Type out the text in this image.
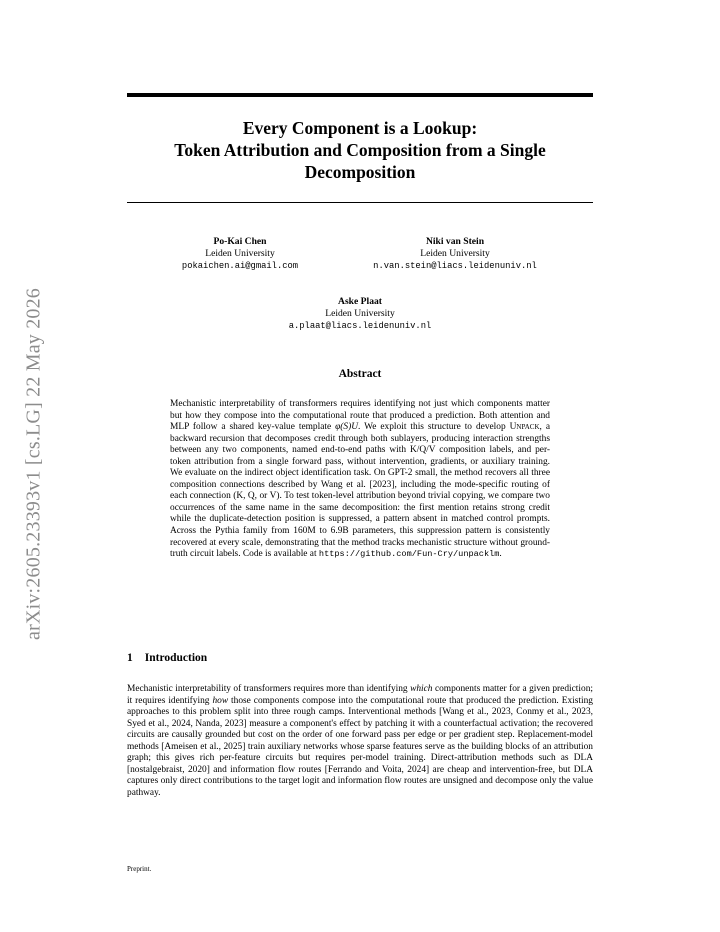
arXiv:2605.23393v1 [cs.LG] 22 May 2026
Every Component is a Lookup:
Token Attribution and Composition from a Single
Decomposition
Po-Kai Chen
Leiden University
pokaichen.ai@gmail.com
Niki van Stein
Leiden University
n.van.stein@liacs.leidenuniv.nl
Aske Plaat
Leiden University
a.plaat@liacs.leidenuniv.nl
Abstract
Mechanistic interpretability of transformers requires identifying not just which components matter but how they compose into the computational route that produced a prediction. Both attention and MLP follow a shared key-value template φ(S)U. We exploit this structure to develop Unpack, a backward recursion that decomposes credit through both sublayers, producing interaction strengths between any two components, named end-to-end paths with K/Q/V composition labels, and per-token attribution from a single forward pass, without intervention, gradients, or auxiliary training. We evaluate on the indirect object identification task. On GPT-2 small, the method recovers all three composition connections described by Wang et al. [2023], including the mode-specific routing of each connection (K, Q, or V). To test token-level attribution beyond trivial copying, we compare two occurrences of the same name in the same decomposition: the first mention retains strong credit while the duplicate-detection position is suppressed, a pattern absent in matched control prompts. Across the Pythia family from 160M to 6.9B parameters, this suppression pattern is consistently recovered at every scale, demonstrating that the method tracks mechanistic structure without ground-truth circuit labels. Code is available at https://github.com/Fun-Cry/unpacklm.
1 Introduction
Mechanistic interpretability of transformers requires more than identifying which components matter for a given prediction; it requires identifying how those components compose into the computational route that produced the prediction. Existing approaches to this problem split into three rough camps. Interventional methods [Wang et al., 2023, Conmy et al., 2023, Syed et al., 2024, Nanda, 2023] measure a component's effect by patching it with a counterfactual activation; the recovered circuits are causally grounded but cost on the order of one forward pass per edge or per gradient step. Replacement-model methods [Ameisen et al., 2025] train auxiliary networks whose sparse features serve as the building blocks of an attribution graph; this gives rich per-feature circuits but requires per-model training. Direct-attribution methods such as DLA [nostalgebraist, 2020] and information flow routes [Ferrando and Voita, 2024] are cheap and intervention-free, but DLA captures only direct contributions to the target logit and information flow routes are unsigned and decompose only the value pathway.
Preprint.
